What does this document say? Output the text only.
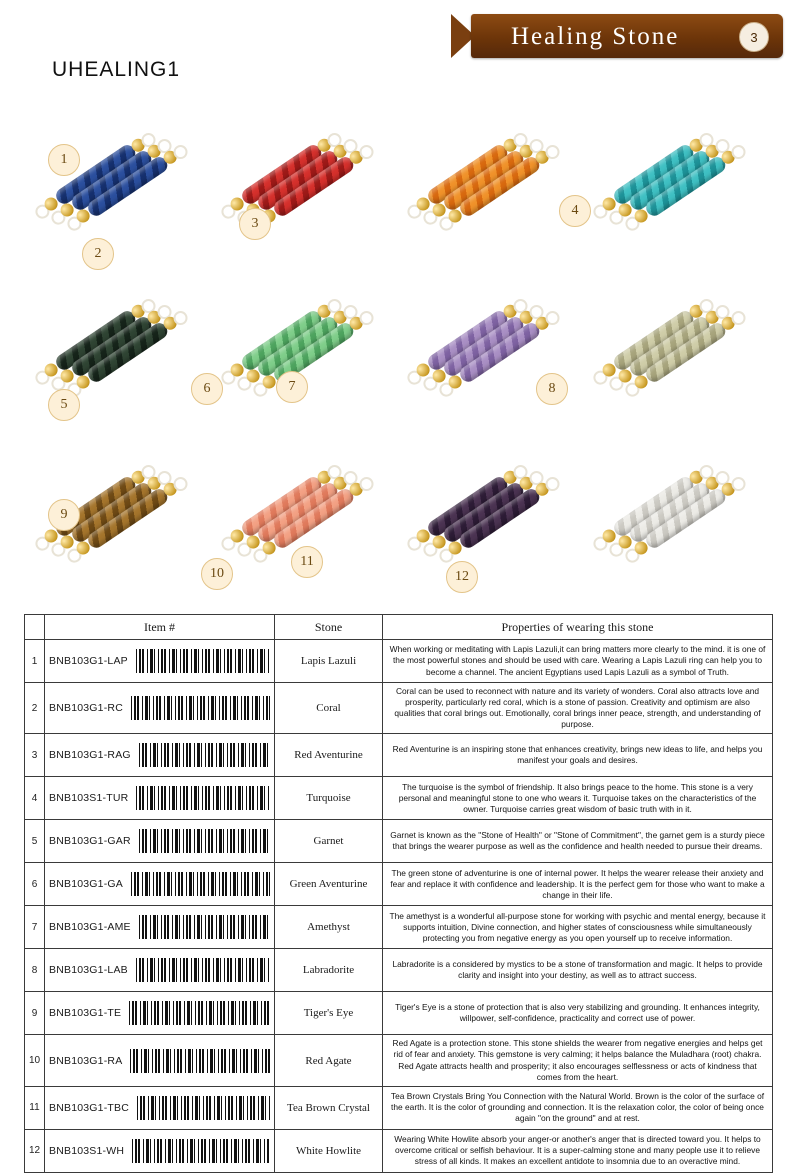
Healing Stone	3
UHEALING1
1
2
3
4
5
6	7	8
9
10
11
12
	Item #	Stone	Properties of wearing this stone
1	BNB103G1-LAP	Lapis Lazuli	When working or meditating with Lapis Lazuli,it can bring matters more clearly to the mind. it is one of the most powerful stones and should be used with care. Wearing a Lapis Lazuli ring can help you to become a channel. The ancient Egyptians used Lapis Lazuli as a symbol of Truth.
2	BNB103G1-RC	Coral	Coral can be used to reconnect with nature and its variety of wonders. Coral also attracts love and prosperity, particularly red coral, which is a stone of passion. Creativity and optimism are also qualities that coral brings out. Emotionally, coral brings inner peace, strength, and understanding of purpose.
3	BNB103G1-RAG	Red Aventurine	Red Aventurine is an inspiring stone that enhances creativity, brings new ideas to life, and helps you manifest your goals and desires.
4	BNB103S1-TUR	Turquoise	The turquoise is the symbol of friendship. It also brings peace to the home. This stone is a very personal and meaningful stone to one who wears it. Turquoise takes on the characteristics of the owner. Turquoise carries great wisdom of basic truth with in it.
5	BNB103G1-GAR	Garnet	Garnet is known as the "Stone of Health" or "Stone of Commitment", the garnet gem is a sturdy piece that brings the wearer purpose as well as the confidence and health needed to pursue their dreams.
6	BNB103G1-GA	Green Aventurine	The green stone of adventurine is one of internal power. It helps the wearer release their anxiety and fear and replace it with confidence and leadership. It is the perfect gem for those who want to make a change in their life.
7	BNB103G1-AME	Amethyst	The amethyst is a wonderful all-purpose stone for working with psychic and mental energy, because it supports intuition, Divine connection, and higher states of consciousness while simultaneously protecting you from negative energy as you open yourself up to receive information.
8	BNB103G1-LAB	Labradorite	Labradorite is a considered by mystics to be a stone of transformation and magic. It helps to provide clarity and insight into your destiny, as well as to attract success.
9	BNB103G1-TE	Tiger's Eye	Tiger's Eye is a stone of protection that is also very stabilizing and grounding. It enhances integrity, willpower, self-confidence, practicality and correct use of power.
10	BNB103G1-RA	Red Agate	Red Agate is a protection stone. This stone shields the wearer from negative energies and helps get rid of fear and anxiety. This gemstone is very calming; it helps balance the Muladhara (root) chakra. Red Agate attracts health and prosperity; it also encourages selflessness or acts of kindness that comes from the heart.
11	BNB103G1-TBC	Tea Brown Crystal	Tea Brown Crystals Bring You Connection with the Natural World. Brown is the color of the surface of the earth. It is the color of grounding and connection. It is the relaxation color, the color of being once again "on the ground" and at rest.
12	BNB103S1-WH	White Howlite	Wearing White Howlite absorb your anger-or another's anger that is directed toward you. It helps to overcome critical or selfish behaviour. It is a super-calming stone and many people use it to relieve stress of all kinds. It makes an excellent antidote to insomnia due to an overactive mind.
